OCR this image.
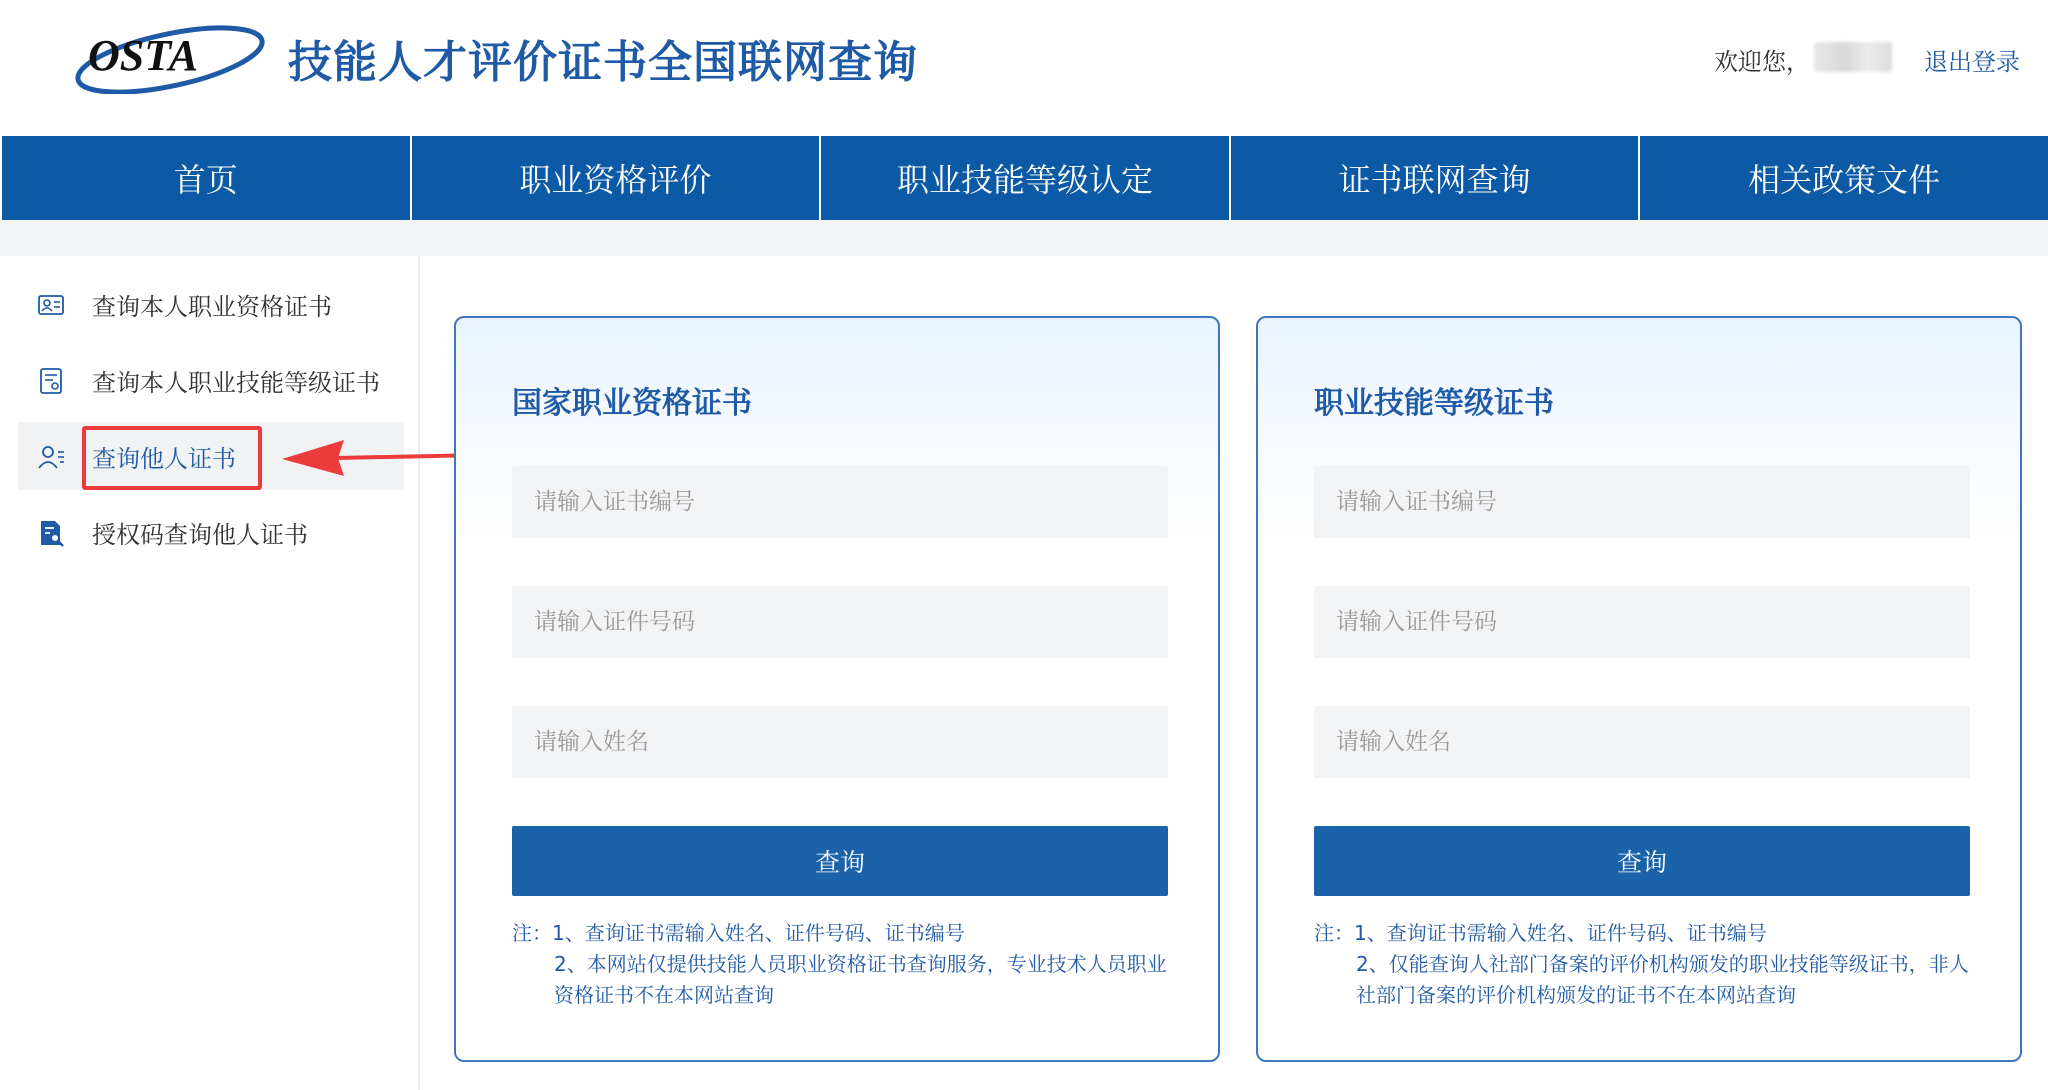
OSTA 技能人才评价证书全国联网查询	欢迎您，	退出登录
首页	职业资格评价	职业技能等级认定	证书联网查询	相关政策文件
查询本人职业资格证书
查询本人职业技能等级证书
查询他人证书
授权码查询他人证书
国家职业资格证书
请输入证书编号
请输入证件号码
请输入姓名
查询
注：1、查询证书需输入姓名、证件号码、证书编号
2、本网站仅提供技能人员职业资格证书查询服务，专业技术人员职业资格证书不在本网站查询
职业技能等级证书
请输入证书编号
请输入证件号码
请输入姓名
查询
注：1、查询证书需输入姓名、证件号码、证书编号
2、仅能查询人社部门备案的评价机构颁发的职业技能等级证书，非人社部门备案的评价机构颁发的证书不在本网站查询
